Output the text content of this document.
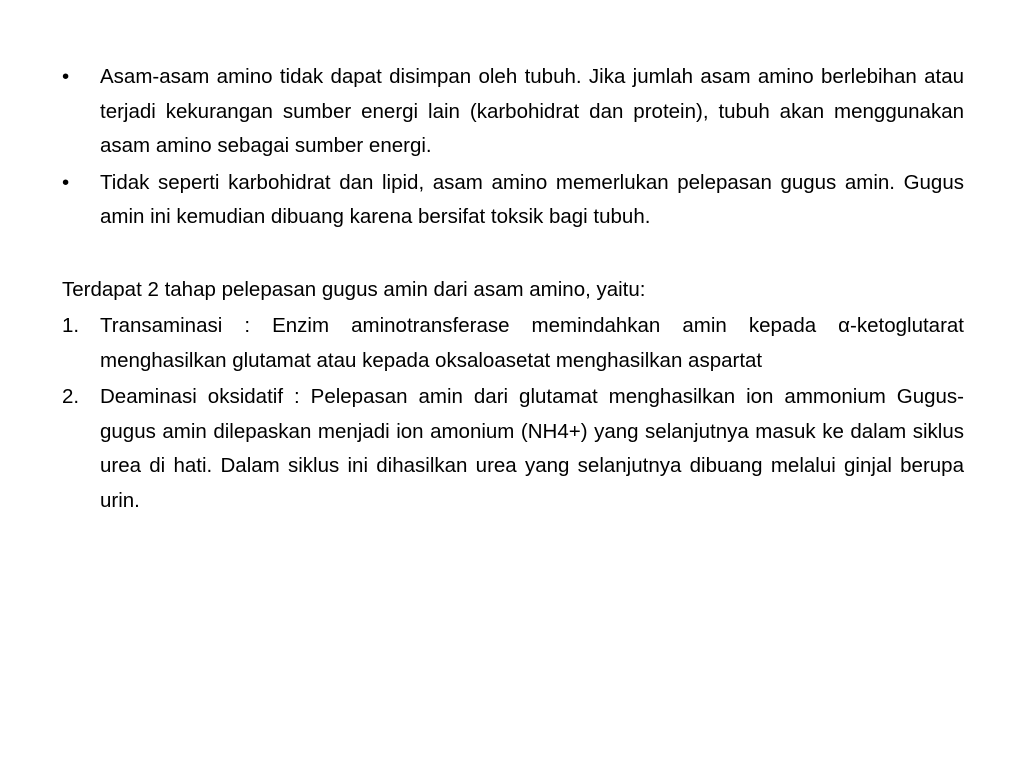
• Asam-asam amino tidak dapat disimpan oleh tubuh. Jika jumlah asam amino berlebihan atau terjadi kekurangan sumber energi lain (karbohidrat dan protein), tubuh akan menggunakan asam amino sebagai sumber energi.
• Tidak seperti karbohidrat dan lipid, asam amino memerlukan pelepasan gugus amin. Gugus amin ini kemudian dibuang karena bersifat toksik bagi tubuh.
Terdapat 2 tahap pelepasan gugus amin dari asam amino, yaitu:
1. Transaminasi : Enzim aminotransferase memindahkan amin kepada α-ketoglutarat menghasilkan glutamat atau kepada oksaloasetat menghasilkan aspartat
2. Deaminasi oksidatif : Pelepasan amin dari glutamat menghasilkan ion ammonium Gugus-gugus amin dilepaskan menjadi ion amonium (NH4+) yang selanjutnya masuk ke dalam siklus urea di hati. Dalam siklus ini dihasilkan urea yang selanjutnya dibuang melalui ginjal berupa urin.
